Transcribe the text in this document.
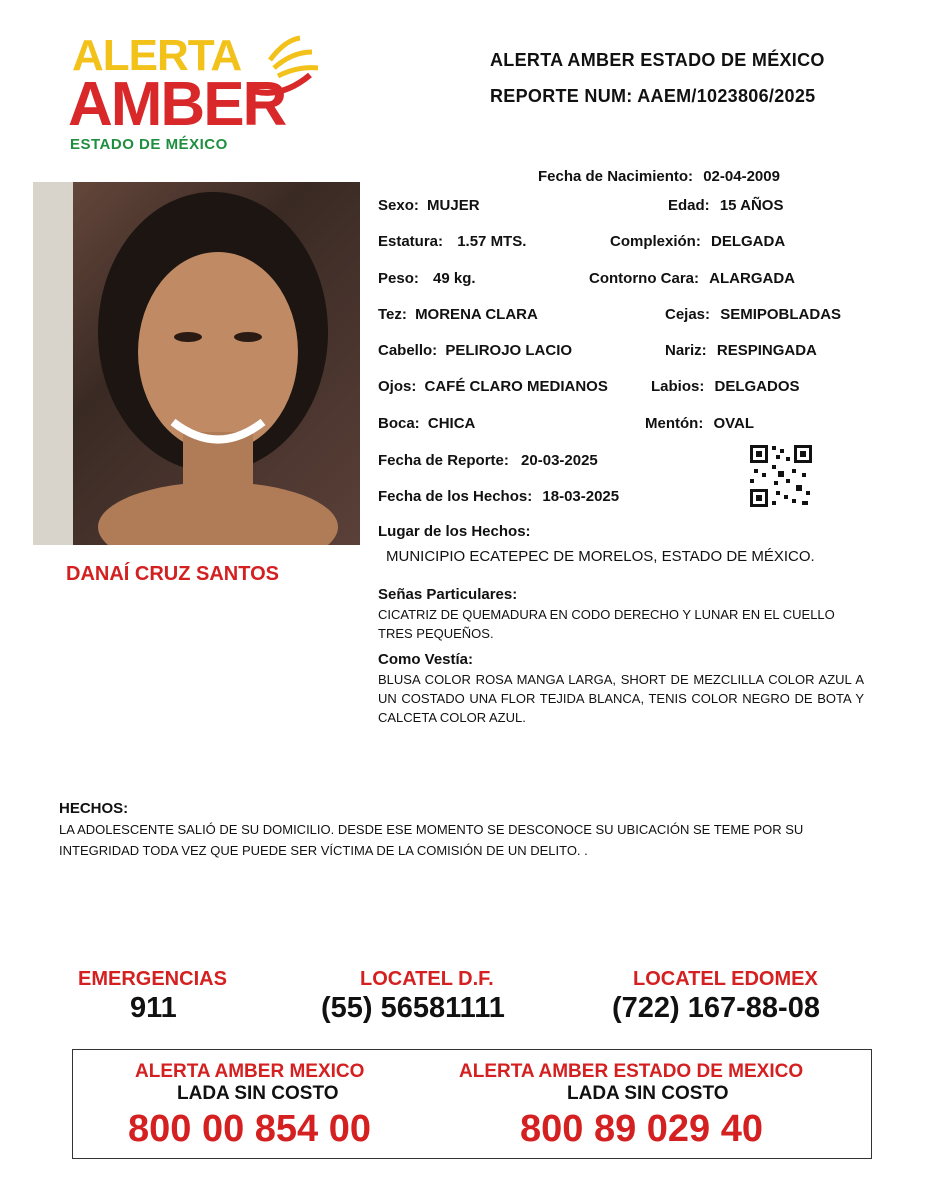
ALERTA
AMBER
ESTADO DE MÉXICO
ALERTA AMBER ESTADO DE MÉXICO
REPORTE NUM: AAEM/1023806/2025
DANAÍ CRUZ SANTOS
Fecha de Nacimiento: 02-04-2009
Sexo: MUJER	Edad: 15 AÑOS
Estatura: 1.57 MTS.	Complexión: DELGADA
Peso: 49 kg.	Contorno Cara: ALARGADA
Tez: MORENA CLARA	Cejas: SEMIPOBLADAS
Cabello: PELIROJO LACIO	Nariz: RESPINGADA
Ojos: CAFÉ CLARO MEDIANOS	Labios: DELGADOS
Boca: CHICA	Mentón: OVAL
Fecha de Reporte: 20-03-2025
Fecha de los Hechos: 18-03-2025
Lugar de los Hechos:
MUNICIPIO ECATEPEC DE MORELOS, ESTADO DE MÉXICO.
Señas Particulares:
CICATRIZ DE QUEMADURA EN CODO DERECHO Y LUNAR EN EL CUELLO TRES PEQUEÑOS.
Como Vestía:
BLUSA COLOR ROSA MANGA LARGA, SHORT DE MEZCLILLA COLOR AZUL A UN COSTADO UNA FLOR TEJIDA BLANCA, TENIS COLOR NEGRO DE BOTA Y CALCETA COLOR AZUL.
HECHOS:
LA ADOLESCENTE SALIÓ DE SU DOMICILIO. DESDE ESE MOMENTO SE DESCONOCE SU UBICACIÓN SE TEME POR SU INTEGRIDAD TODA VEZ QUE PUEDE SER VÍCTIMA DE LA COMISIÓN DE UN DELITO. .
EMERGENCIAS
911
LOCATEL D.F.
(55) 56581111
LOCATEL EDOMEX
(722) 167-88-08
ALERTA AMBER MEXICO
LADA SIN COSTO
800 00 854 00
ALERTA AMBER ESTADO DE MEXICO
LADA SIN COSTO
800 89 029 40
